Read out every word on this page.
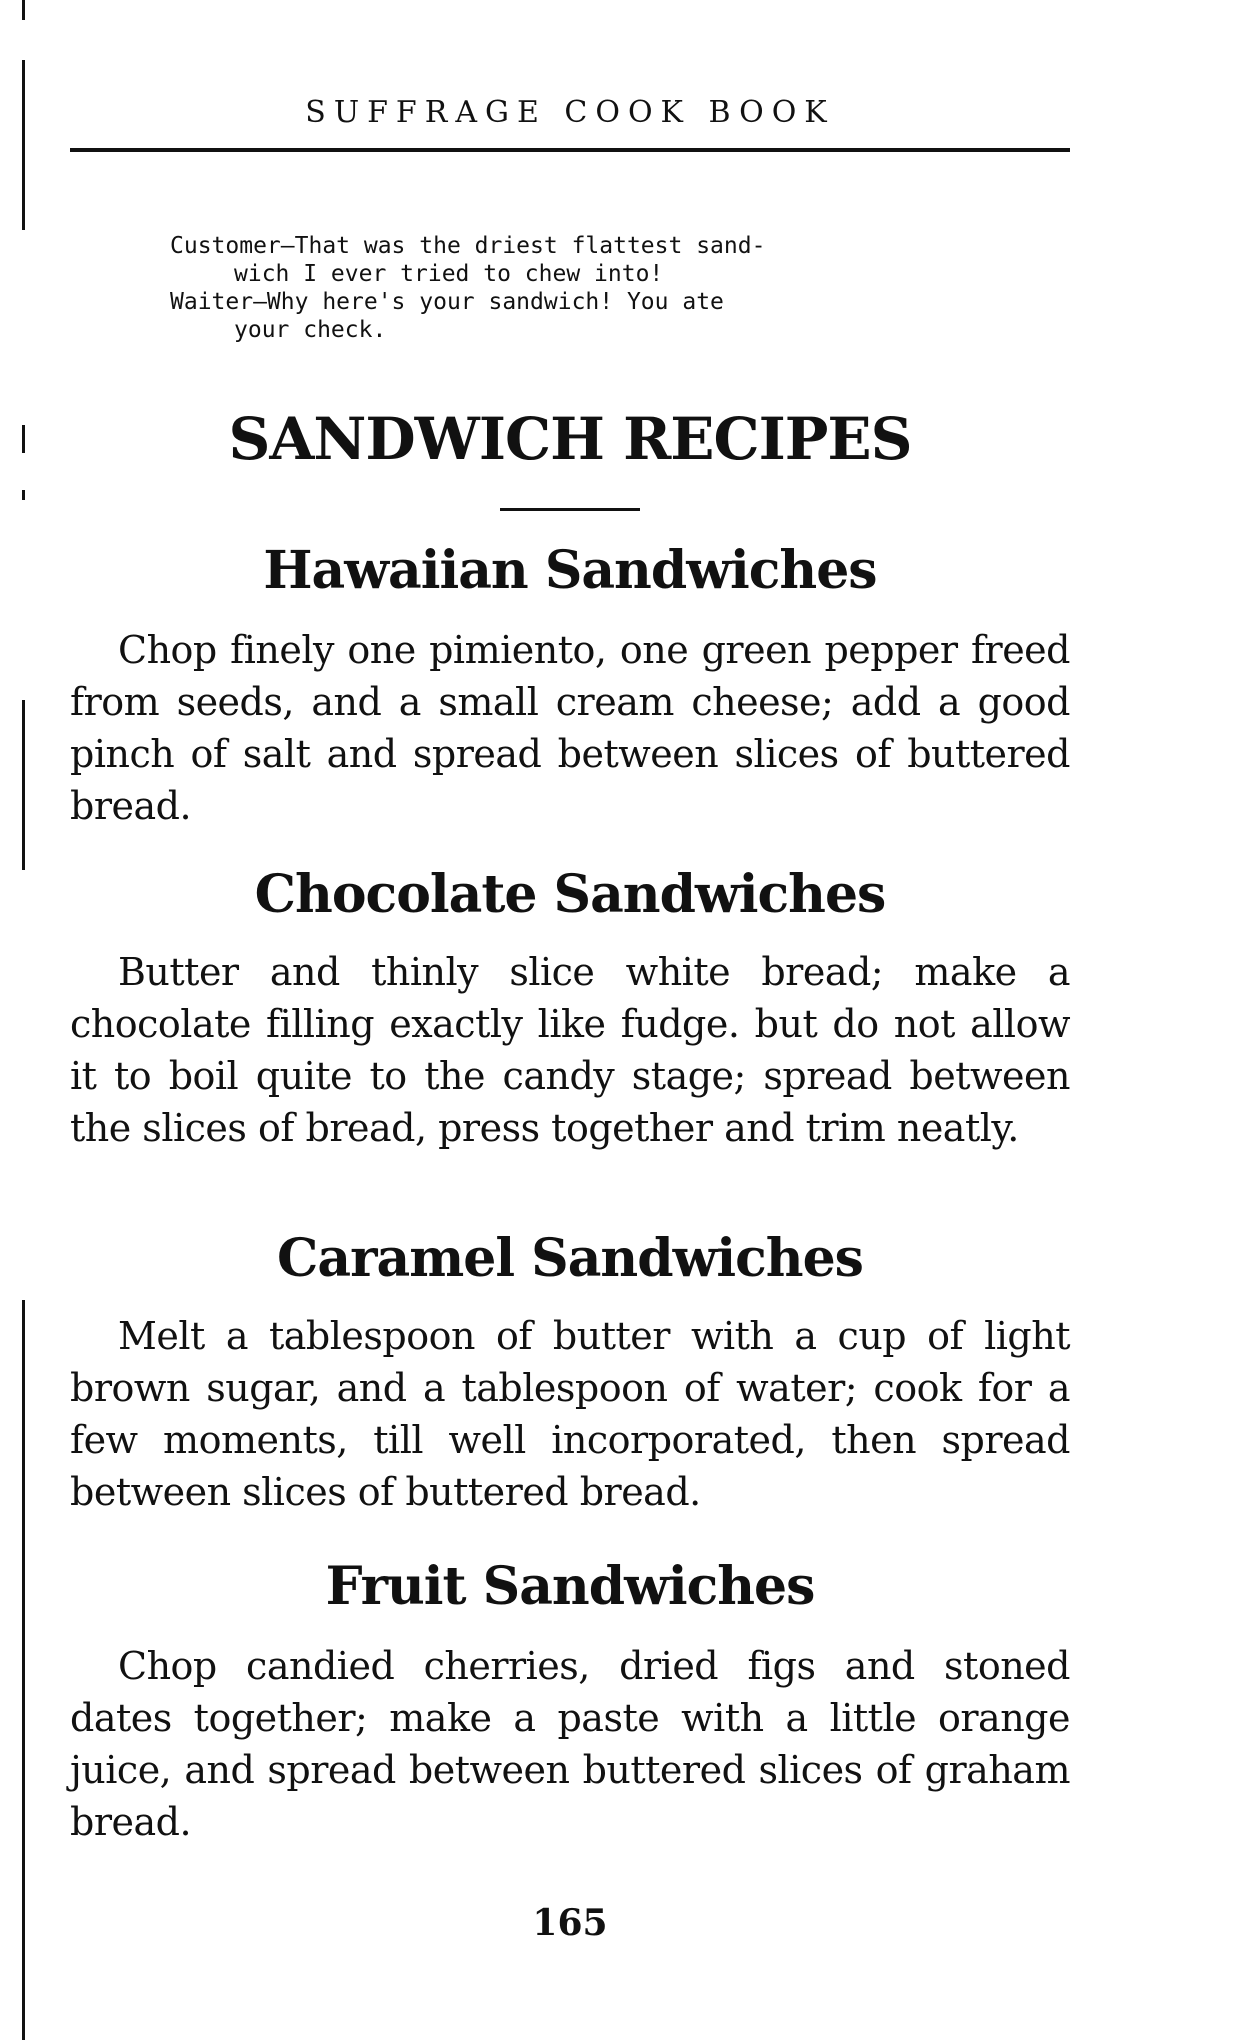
SUFFRAGE COOK BOOK
Customer—That was the driest flattest sand-
wich I ever tried to chew into!
Waiter—Why here's your sandwich! You ate
your check.
SANDWICH RECIPES
Hawaiian Sandwiches
Chop finely one pimiento, one green pepper freed from seeds, and a small cream cheese; add a good pinch of salt and spread between slices of buttered bread.
Chocolate Sandwiches
Butter and thinly slice white bread; make a chocolate filling exactly like fudge. but do not allow it to boil quite to the candy stage; spread between the slices of bread, press together and trim neatly.
Caramel Sandwiches
Melt a tablespoon of butter with a cup of light brown sugar, and a tablespoon of water; cook for a few moments, till well incorporated, then spread between slices of buttered bread.
Fruit Sandwiches
Chop candied cherries, dried figs and stoned dates together; make a paste with a little orange juice, and spread between buttered slices of graham bread.
165
